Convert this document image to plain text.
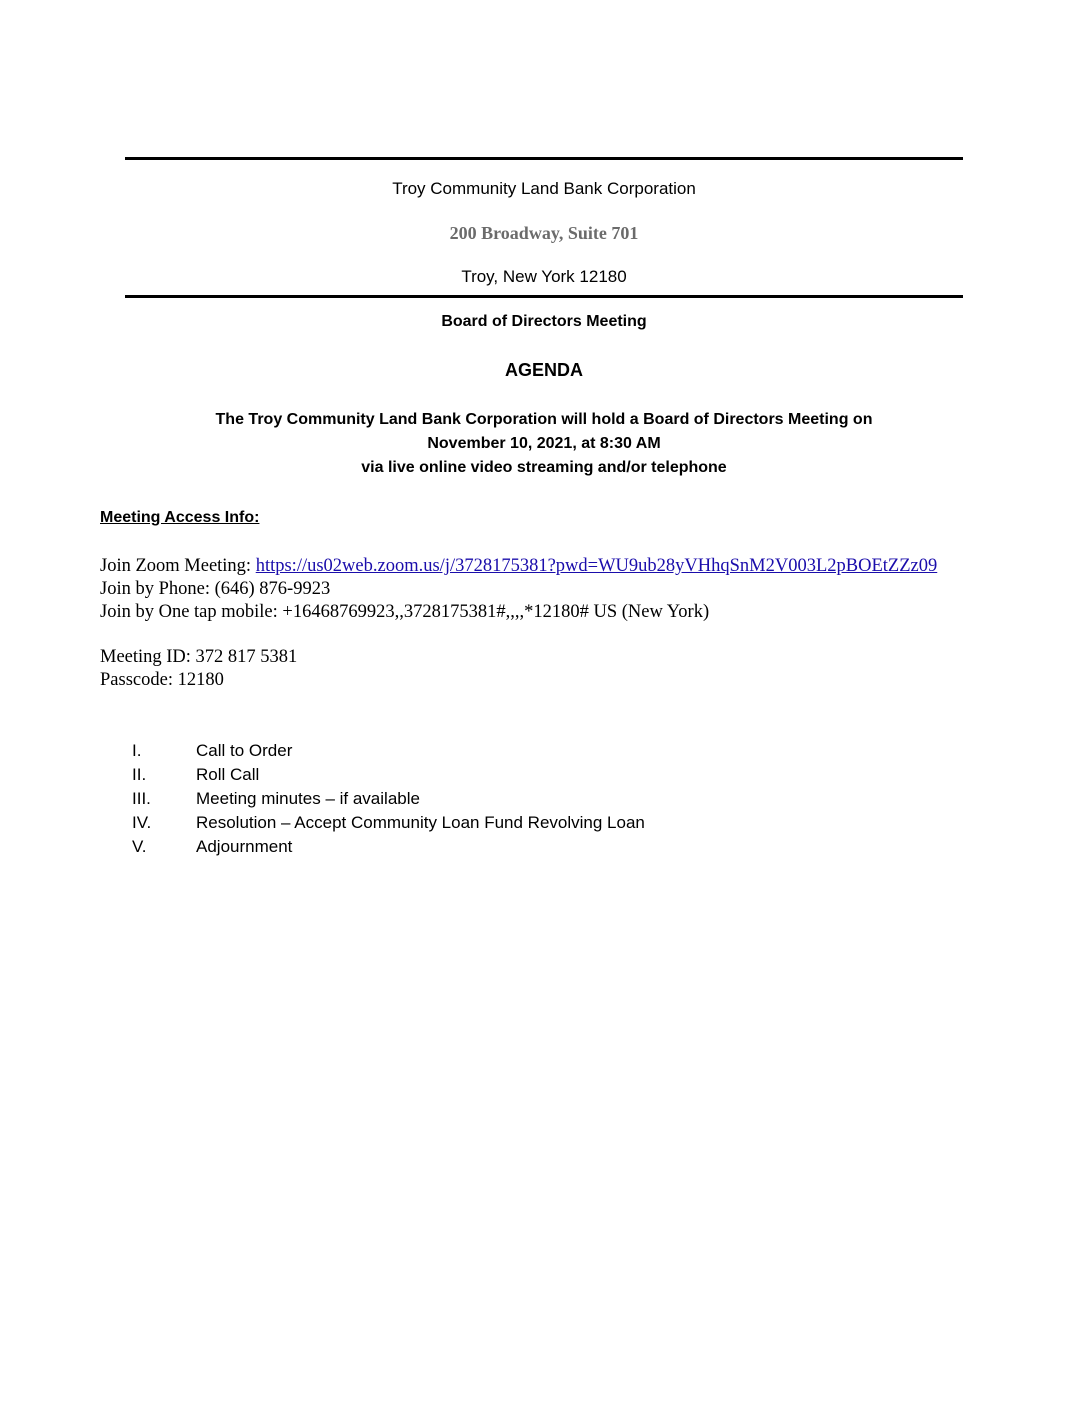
Troy Community Land Bank Corporation
200 Broadway, Suite 701
Troy, New York 12180
Board of Directors Meeting
AGENDA
The Troy Community Land Bank Corporation will hold a Board of Directors Meeting on
November 10, 2021, at 8:30 AM
via live online video streaming and/or telephone
Meeting Access Info:
Join Zoom Meeting: https://us02web.zoom.us/j/3728175381?pwd=WU9ub28yVHhqSnM2V003L2pBOEtZZz09
Join by Phone: (646) 876-9923
Join by One tap mobile: +16468769923,,3728175381#,,,,*12180# US (New York)
Meeting ID: 372 817 5381
Passcode: 12180
I.	Call to Order
II.	Roll Call
III.	Meeting minutes – if available
IV.	Resolution – Accept Community Loan Fund Revolving Loan
V.	Adjournment
